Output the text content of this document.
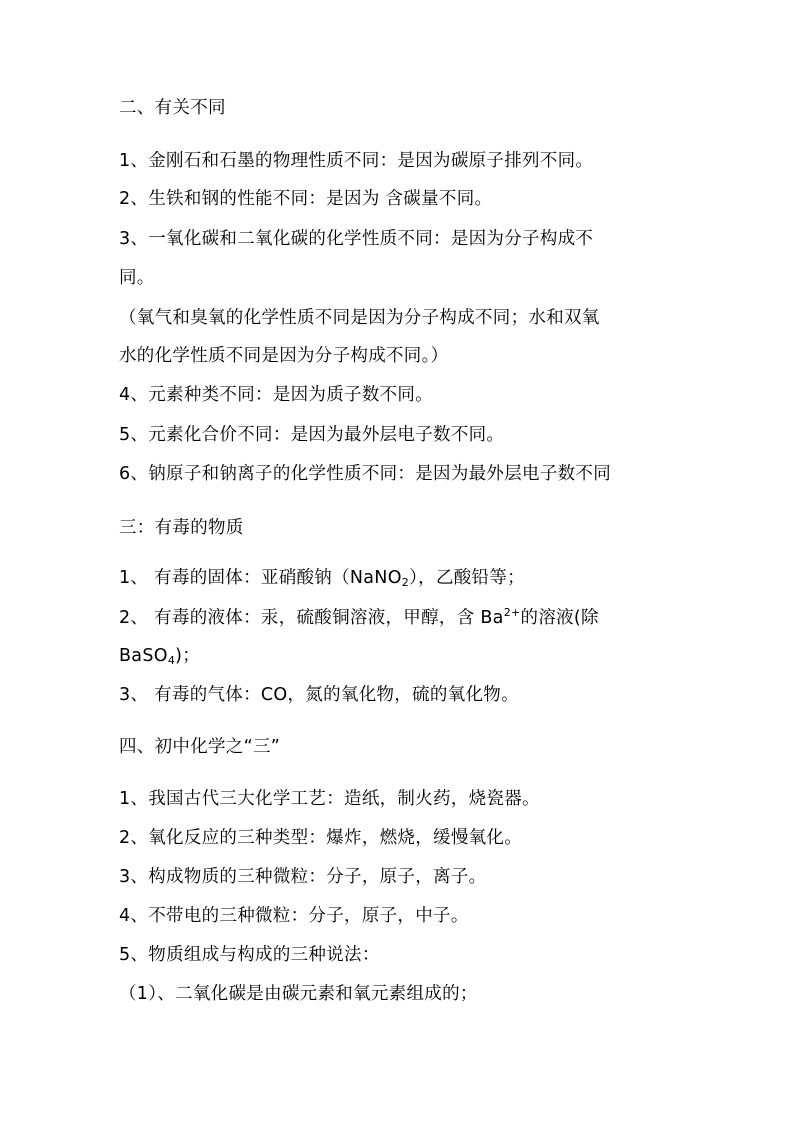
二、有关不同
1、金刚石和石墨的物理性质不同：是因为碳原子排列不同。
2、生铁和钢的性能不同：是因为 含碳量不同。
3、一氧化碳和二氧化碳的化学性质不同：是因为分子构成不
同。
（氧气和臭氧的化学性质不同是因为分子构成不同；水和双氧
水的化学性质不同是因为分子构成不同。）
4、元素种类不同：是因为质子数不同。
5、元素化合价不同：是因为最外层电子数不同。
6、钠原子和钠离子的化学性质不同：是因为最外层电子数不同
三：有毒的物质
1、 有毒的固体：亚硝酸钠（NaNO$_2$），乙酸铅等；
2、 有毒的液体：汞，硫酸铜溶液，甲醇，含 $Ba^{2+}$的溶液(除
BaSO$_4$)；
3、 有毒的气体：CO，氮的氧化物，硫的氧化物。
四、初中化学之“三”
1、我国古代三大化学工艺：造纸，制火药，烧瓷器。
2、氧化反应的三种类型：爆炸，燃烧，缓慢氧化。
3、构成物质的三种微粒：分子，原子，离子。
4、不带电的三种微粒：分子，原子，中子。
5、物质组成与构成的三种说法：
（1）、二氧化碳是由碳元素和氧元素组成的；
